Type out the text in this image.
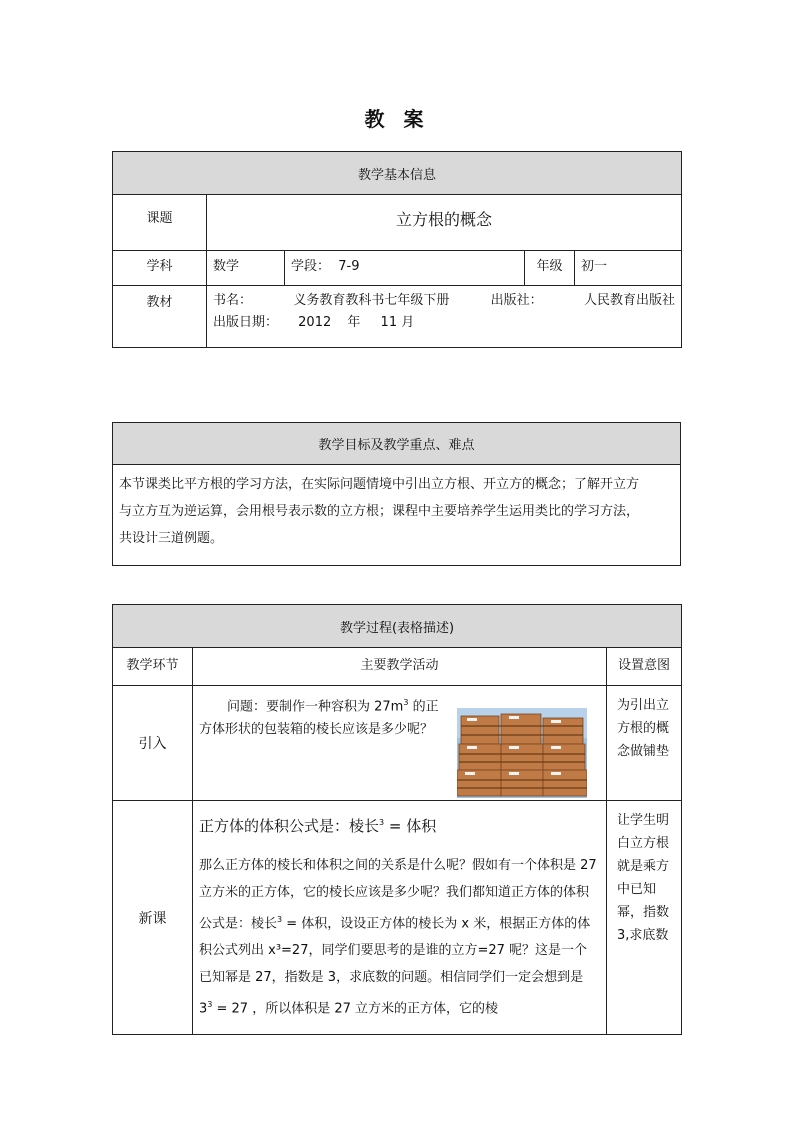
教 案
教学基本信息				
课题	立方根的概念			
学科	数学	学段： 7-9	年级	初一
教材	书名： 义务教育教科书七年级下册 出版社： 人民教育出版社
出版日期： 2012 年 11 月			
教学目标及教学重点、难点

本节课类比平方根的学习方法，在实际问题情境中引出立方根、开立方的概念；了解开立方
与立方互为逆运算，会用根号表示数的立方根；课程中主要培养学生运用类比的学习方法，
共设计三道例题。
教学过程(表格描述)		
教学环节	主要教学活动	设置意图
引入	问题：要制作一种容积为 $27m^3$ 的正方体形状的包装箱的棱长应该是多少呢？	为引出立方根的概念做铺垫
新课	正方体的体积公式是：棱长$^3$ = 体积

那么正方体的棱长和体积之间的关系是什么呢？假如有一个体积是 27 立方米的正方体，它的棱长应该是多少呢？我们都知道正方体的体积公式是：棱长$^3$ = 体积，设设正方体的棱长为 x 米，根据正方体的体积公式列出 x³=27，同学们要思考的是谁的立方=27 呢？这是一个已知幂是 27，指数是 3，求底数的问题。相信同学们一定会想到是 $3^3 = 27$ ，所以体积是 27 立方米的正方体，它的棱	让学生明白立方根就是乘方中已知幂，指数 3,求底数
